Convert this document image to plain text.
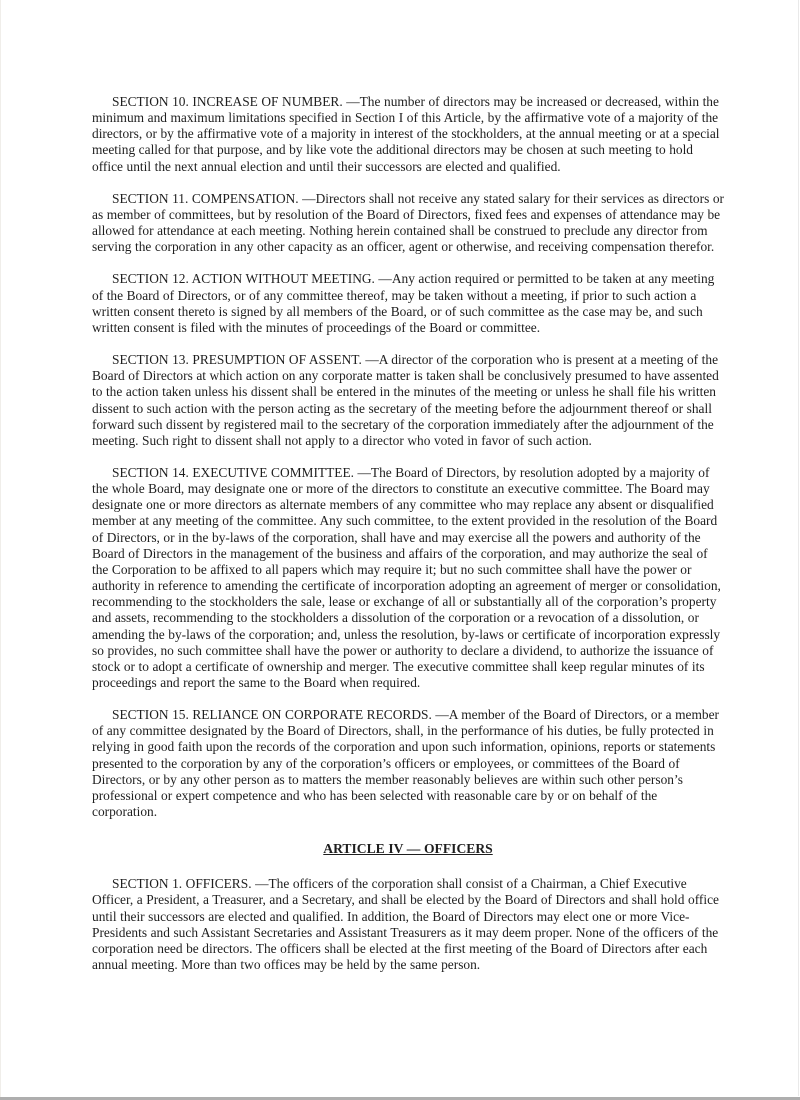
SECTION 10. INCREASE OF NUMBER. —The number of directors may be increased or decreased, within the minimum and maximum limitations specified in Section I of this Article, by the affirmative vote of a majority of the directors, or by the affirmative vote of a majority in interest of the stockholders, at the annual meeting or at a special meeting called for that purpose, and by like vote the additional directors may be chosen at such meeting to hold office until the next annual election and until their successors are elected and qualified.

SECTION 11. COMPENSATION. —Directors shall not receive any stated salary for their services as directors or as member of committees, but by resolution of the Board of Directors, fixed fees and expenses of attendance may be allowed for attendance at each meeting. Nothing herein contained shall be construed to preclude any director from serving the corporation in any other capacity as an officer, agent or otherwise, and receiving compensation therefor.

SECTION 12. ACTION WITHOUT MEETING. —Any action required or permitted to be taken at any meeting of the Board of Directors, or of any committee thereof, may be taken without a meeting, if prior to such action a written consent thereto is signed by all members of the Board, or of such committee as the case may be, and such written consent is filed with the minutes of proceedings of the Board or committee.

SECTION 13. PRESUMPTION OF ASSENT. —A director of the corporation who is present at a meeting of the Board of Directors at which action on any corporate matter is taken shall be conclusively presumed to have assented to the action taken unless his dissent shall be entered in the minutes of the meeting or unless he shall file his written dissent to such action with the person acting as the secretary of the meeting before the adjournment thereof or shall forward such dissent by registered mail to the secretary of the corporation immediately after the adjournment of the meeting. Such right to dissent shall not apply to a director who voted in favor of such action.

SECTION 14. EXECUTIVE COMMITTEE. —The Board of Directors, by resolution adopted by a majority of the whole Board, may designate one or more of the directors to constitute an executive committee. The Board may designate one or more directors as alternate members of any committee who may replace any absent or disqualified member at any meeting of the committee. Any such committee, to the extent provided in the resolution of the Board of Directors, or in the by-laws of the corporation, shall have and may exercise all the powers and authority of the Board of Directors in the management of the business and affairs of the corporation, and may authorize the seal of the Corporation to be affixed to all papers which may require it; but no such committee shall have the power or authority in reference to amending the certificate of incorporation adopting an agreement of merger or consolidation, recommending to the stockholders the sale, lease or exchange of all or substantially all of the corporation’s property and assets, recommending to the stockholders a dissolution of the corporation or a revocation of a dissolution, or amending the by-laws of the corporation; and, unless the resolution, by-laws or certificate of incorporation expressly so provides, no such committee shall have the power or authority to declare a dividend, to authorize the issuance of stock or to adopt a certificate of ownership and merger. The executive committee shall keep regular minutes of its proceedings and report the same to the Board when required.

SECTION 15. RELIANCE ON CORPORATE RECORDS. —A member of the Board of Directors, or a member of any committee designated by the Board of Directors, shall, in the performance of his duties, be fully protected in relying in good faith upon the records of the corporation and upon such information, opinions, reports or statements presented to the corporation by any of the corporation’s officers or employees, or committees of the Board of Directors, or by any other person as to matters the member reasonably believes are within such other person’s professional or expert competence and who has been selected with reasonable care by or on behalf of the corporation.

ARTICLE IV — OFFICERS

SECTION 1. OFFICERS. —The officers of the corporation shall consist of a Chairman, a Chief Executive Officer, a President, a Treasurer, and a Secretary, and shall be elected by the Board of Directors and shall hold office until their successors are elected and qualified. In addition, the Board of Directors may elect one or more Vice-Presidents and such Assistant Secretaries and Assistant Treasurers as it may deem proper. None of the officers of the corporation need be directors. The officers shall be elected at the first meeting of the Board of Directors after each annual meeting. More than two offices may be held by the same person.
